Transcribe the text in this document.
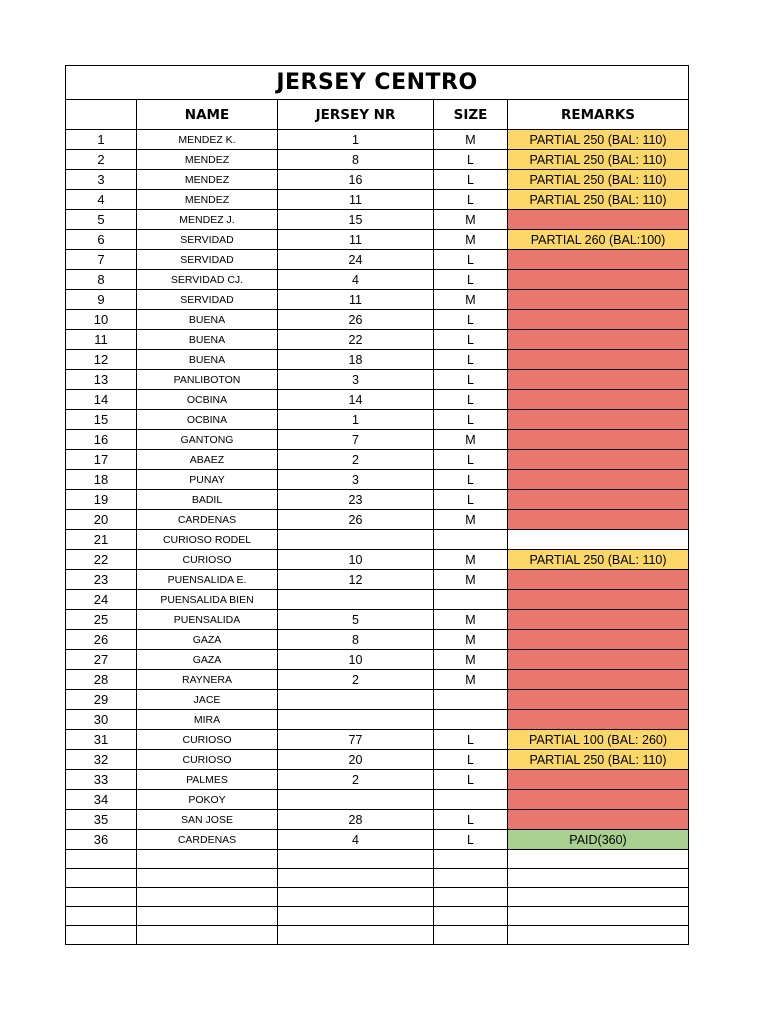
JERSEY CENTRO				
	NAME	JERSEY NR	SIZE	REMARKS
1	MENDEZ K.	1	M	PARTIAL 250 (BAL: 110)
2	MENDEZ	8	L	PARTIAL 250 (BAL: 110)
3	MENDEZ	16	L	PARTIAL 250 (BAL: 110)
4	MENDEZ	11	L	PARTIAL 250 (BAL: 110)
5	MENDEZ J.	15	M	
6	SERVIDAD	11	M	PARTIAL 260 (BAL:100)
7	SERVIDAD	24	L	
8	SERVIDAD CJ.	4	L	
9	SERVIDAD	11	M	
10	BUENA	26	L	
11	BUENA	22	L	
12	BUENA	18	L	
13	PANLIBOTON	3	L	
14	OCBINA	14	L	
15	OCBINA	1	L	
16	GANTONG	7	M	
17	ABAEZ	2	L	
18	PUNAY	3	L	
19	BADIL	23	L	
20	CARDENAS	26	M	
21	CURIOSO RODEL			
22	CURIOSO	10	M	PARTIAL 250 (BAL: 110)
23	PUENSALIDA E.	12	M	
24	PUENSALIDA BIEN			
25	PUENSALIDA	5	M	
26	GAZA	8	M	
27	GAZA	10	M	
28	RAYNERA	2	M	
29	JACE			
30	MIRA			
31	CURIOSO	77	L	PARTIAL 100 (BAL: 260)
32	CURIOSO	20	L	PARTIAL 250 (BAL: 110)
33	PALMES	2	L	
34	POKOY			
35	SAN JOSE	28	L	
36	CARDENAS	4	L	PAID(360)
